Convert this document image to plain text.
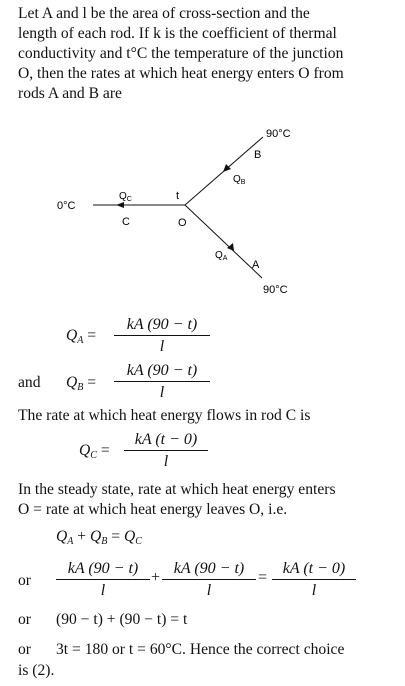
Let A and l be the area of cross-section and the
length of each rod. If k is the coefficient of thermal
conductivity and t°C the temperature of the junction
O, then the rates at which heat energy enters O from
rods A and B are
90°C
B
$Q_B$
$Q_C$	t
0°C
C	O
$Q_A$
A
90°C
$Q_A$ =
kA (90 − t)
l
and $Q_B$ =
kA (90 − t)
l
The rate at which heat energy flows in rod C is
$Q_C$ =
kA (t − 0)
l
In the steady state, rate at which heat energy enters
O = rate at which heat energy leaves O, i.e.
$Q_A + Q_B = Q_C$
or
kA (90 − t)
l
+
kA (90 − t)
l
=
kA (t − 0)
l
or (90 − t) + (90 − t) = t
or 3t = 180 or t = 60°C. Hence the correct choice
is (2).
